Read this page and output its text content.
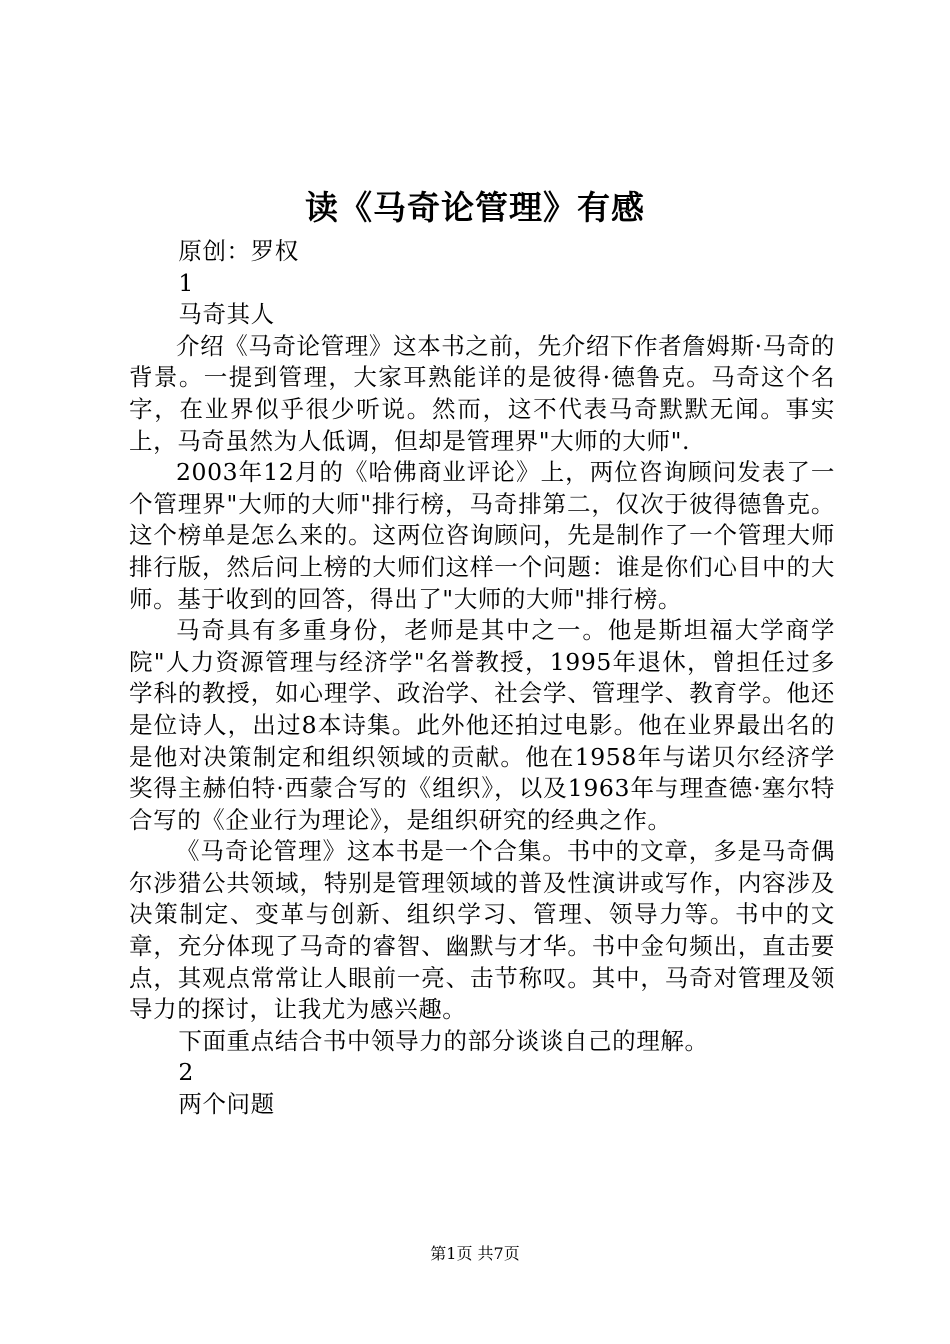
读《马奇论管理》有感

原创：罗权

1

马奇其人

介绍《马奇论管理》这本书之前，先介绍下作者詹姆斯·马奇的背景。一提到管理，大家耳熟能详的是彼得·德鲁克。马奇这个名字，在业界似乎很少听说。然而，这不代表马奇默默无闻。事实上，马奇虽然为人低调，但却是管理界"大师的大师".

2003年12月的《哈佛商业评论》上，两位咨询顾问发表了一个管理界"大师的大师"排行榜，马奇排第二，仅次于彼得德鲁克。这个榜单是怎么来的。这两位咨询顾问，先是制作了一个管理大师排行版，然后问上榜的大师们这样一个问题：谁是你们心目中的大师。基于收到的回答，得出了"大师的大师"排行榜。

马奇具有多重身份，老师是其中之一。他是斯坦福大学商学院"人力资源管理与经济学"名誉教授，1995年退休，曾担任过多学科的教授，如心理学、政治学、社会学、管理学、教育学。他还是位诗人，出过8本诗集。此外他还拍过电影。他在业界最出名的是他对决策制定和组织领域的贡献。他在1958年与诺贝尔经济学奖得主赫伯特·西蒙合写的《组织》，以及1963年与理查德·塞尔特合写的《企业行为理论》，是组织研究的经典之作。

《马奇论管理》这本书是一个合集。书中的文章，多是马奇偶尔涉猎公共领域，特别是管理领域的普及性演讲或写作，内容涉及决策制定、变革与创新、组织学习、管理、领导力等。书中的文章，充分体现了马奇的睿智、幽默与才华。书中金句频出，直击要点，其观点常常让人眼前一亮、击节称叹。其中，马奇对管理及领导力的探讨，让我尤为感兴趣。

下面重点结合书中领导力的部分谈谈自己的理解。

2

两个问题

第1页 共7页
